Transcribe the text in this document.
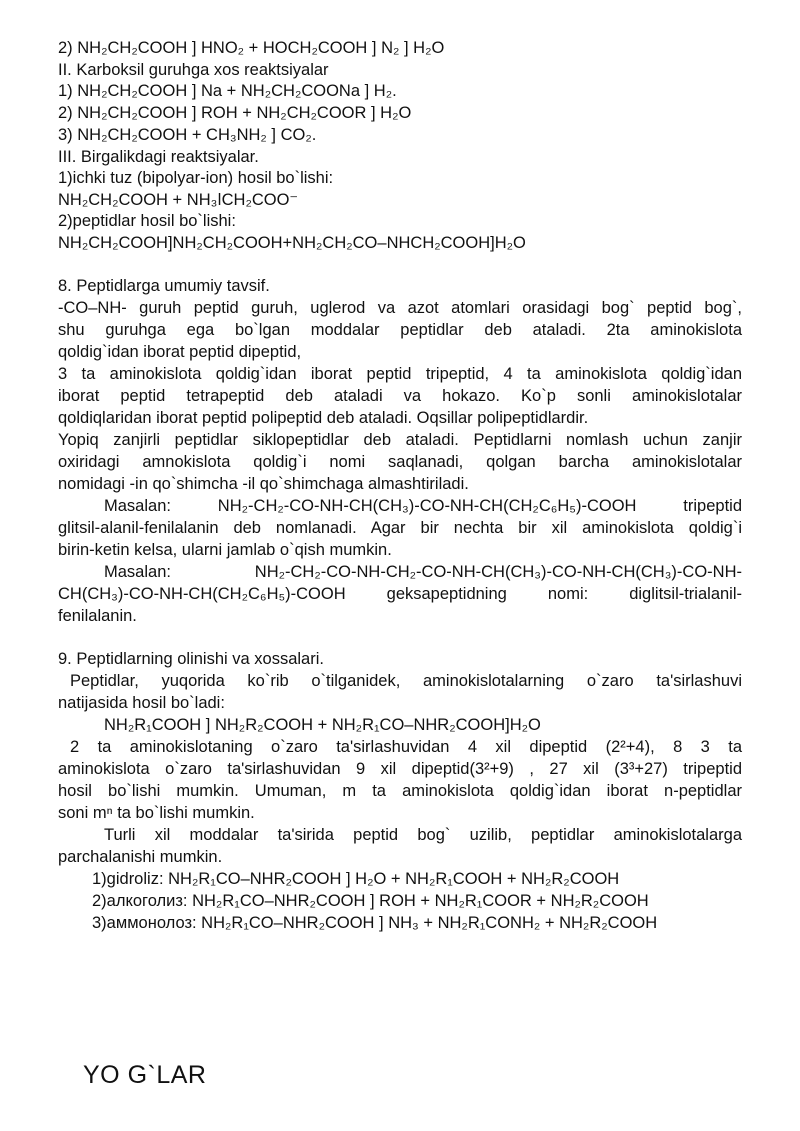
2) NH₂CH₂COOH ] HNO₂ + HOCH₂COOH ] N₂ ] H₂O
II. Karboksil guruhga xos reaktsiyalar
1) NH₂CH₂COOH ] Na + NH₂CH₂COONa ] H₂.
2) NH₂CH₂COOH ] ROH + NH₂CH₂COOR ] H₂O
3) NH₂CH₂COOH + CH₃NH₂ ] CO₂.
III. Birgalikdagi reaktsiyalar.
1)ichki tuz (bipolyar-ion) hosil bo`lishi:
NH₂CH₂COOH + NH₃ǀCH₂COO⁻
2)peptidlar hosil bo`lishi:
NH₂CH₂COOH]NH₂CH₂COOH+NH₂CH₂CO–NHCH₂COOH]H₂O
8. Peptidlarga umumiy tavsif.
-CO–NH- guruh peptid guruh, uglerod va azot atomlari orasidagi bog` peptid bog`,
shu guruhga ega bo`lgan moddalar peptidlar deb ataladi. 2ta aminokislota
qoldig`idan iborat peptid dipeptid,
3 ta aminokislota qoldig`idan iborat peptid tripeptid, 4 ta aminokislota qoldig`idan
iborat peptid tetrapeptid deb ataladi va hokazo. Ko`p sonli aminokislotalar
qoldiqlaridan iborat peptid polipeptid deb ataladi. Oqsillar polipeptidlardir.
Yopiq zanjirli peptidlar siklopeptidlar deb ataladi. Peptidlarni nomlash uchun zanjir
oxiridagi amnokislota qoldig`i nomi saqlanadi, qolgan barcha aminokislotalar
nomidagi -in qo`shimcha -il qo`shimchaga almashtiriladi.
Masalan: NH₂-CH₂-CO-NH-CH(CH₃)-CO-NH-CH(CH₂C₆H₅)-COOH tripeptid
glitsil-alanil-fenilalanin deb nomlanadi. Agar bir nechta bir xil aminokislota qoldig`i
birin-ketin kelsa, ularni jamlab o`qish mumkin.
Masalan: NH₂-CH₂-CO-NH-CH₂-CO-NH-CH(CH₃)-CO-NH-CH(CH₃)-CO-NH-
CH(CH₃)-CO-NH-CH(CH₂C₆H₅)-COOH geksapeptidning nomi: diglitsil-trialanil-
fenilalanin.
9. Peptidlarning olinishi va xossalari.
Peptidlar, yuqorida ko`rib o`tilganidek, aminokislotalarning o`zaro ta'sirlashuvi
natijasida hosil bo`ladi:
NH₂R₁COOH ] NH₂R₂COOH + NH₂R₁CO–NHR₂COOH]H₂O
2 ta aminokislotaning o`zaro ta'sirlashuvidan 4 xil dipeptid (2²+4), 8 3 ta
aminokislota o`zaro ta'sirlashuvidan 9 xil dipeptid(3²+9) , 27 xil (3³+27) tripeptid
hosil bo`lishi mumkin. Umuman, m ta aminokislota qoldig`idan iborat n-peptidlar
soni mⁿ ta bo`lishi mumkin.
Turli xil moddalar ta'sirida peptid bog` uzilib, peptidlar aminokislotalarga
parchalanishi mumkin.
1)gidroliz: NH₂R₁CO–NHR₂COOH ] H₂O + NH₂R₁COOH + NH₂R₂COOH
2)алкоголиз: NH₂R₁CO–NHR₂COOH ] ROH + NH₂R₁COOR + NH₂R₂COOH
3)аммонолоз: NH₂R₁CO–NHR₂COOH ] NH₃ + NH₂R₁CONH₂ + NH₂R₂COOH
YO G`LAR
